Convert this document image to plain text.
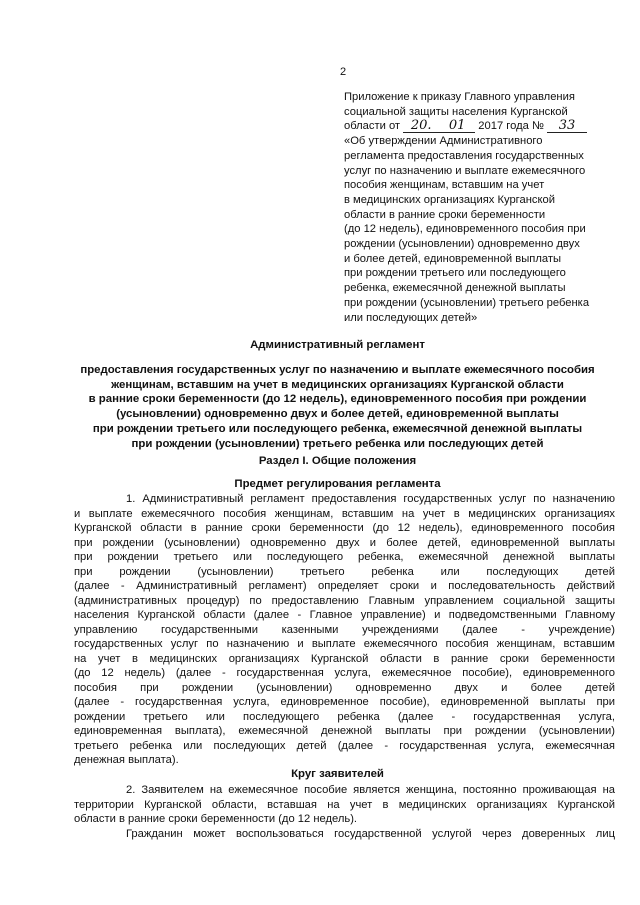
2
Приложение к приказу Главного управления
социальной защиты населения Курганской
области от 20. 01 2017 года № 33
«Об утверждении Административного
регламента предоставления государственных
услуг по назначению и выплате ежемесячного
пособия женщинам, вставшим на учет
в медицинских организациях Курганской
области в ранние сроки беременности
(до 12 недель), единовременного пособия при
рождении (усыновлении) одновременно двух
и более детей, единовременной выплаты
при рождении третьего или последующего
ребенка, ежемесячной денежной выплаты
при рождении (усыновлении) третьего ребенка
или последующих детей»
Административный регламент
предоставления государственных услуг по назначению и выплате ежемесячного пособия
женщинам, вставшим на учет в медицинских организациях Курганской области
в ранние сроки беременности (до 12 недель), единовременного пособия при рождении
(усыновлении) одновременно двух и более детей, единовременной выплаты
при рождении третьего или последующего ребенка, ежемесячной денежной выплаты
при рождении (усыновлении) третьего ребенка или последующих детей
Раздел I. Общие положения
Предмет регулирования регламента
1. Административный регламент предоставления государственных услуг по назначению
и выплате ежемесячного пособия женщинам, вставшим на учет в медицинских организациях
Курганской области в ранние сроки беременности (до 12 недель), единовременного пособия
при рождении (усыновлении) одновременно двух и более детей, единовременной выплаты
при рождении третьего или последующего ребенка, ежемесячной денежной выплаты
при рождении (усыновлении) третьего ребенка или последующих детей
(далее - Административный регламент) определяет сроки и последовательность действий
(административных процедур) по предоставлению Главным управлением социальной защиты
населения Курганской области (далее - Главное управление) и подведомственными Главному
управлению государственными казенными учреждениями (далее - учреждение)
государственных услуг по назначению и выплате ежемесячного пособия женщинам, вставшим
на учет в медицинских организациях Курганской области в ранние сроки беременности
(до 12 недель) (далее - государственная услуга, ежемесячное пособие), единовременного
пособия при рождении (усыновлении) одновременно двух и более детей
(далее - государственная услуга, единовременное пособие), единовременной выплаты при
рождении третьего или последующего ребенка (далее - государственная услуга,
единовременная выплата), ежемесячной денежной выплаты при рождении (усыновлении)
третьего ребенка или последующих детей (далее - государственная услуга, ежемесячная
денежная выплата).
Круг заявителей
2. Заявителем на ежемесячное пособие является женщина, постоянно проживающая на
территории Курганской области, вставшая на учет в медицинских организациях Курганской
области в ранние сроки беременности (до 12 недель).
Гражданин может воспользоваться государственной услугой через доверенных лиц
